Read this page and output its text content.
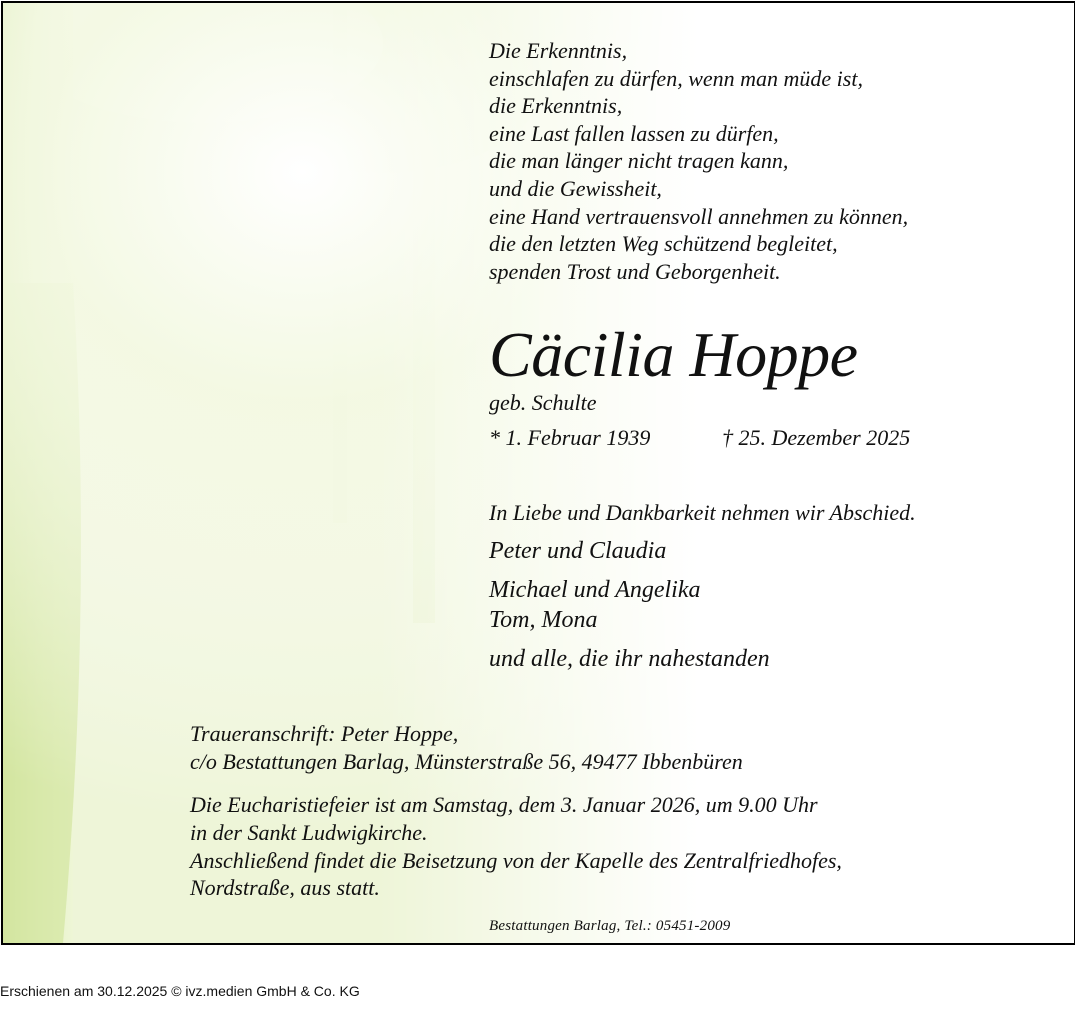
Die Erkenntnis,
einschlafen zu dürfen, wenn man müde ist,
die Erkenntnis,
eine Last fallen lassen zu dürfen,
die man länger nicht tragen kann,
und die Gewissheit,
eine Hand vertrauensvoll annehmen zu können,
die den letzten Weg schützend begleitet,
spenden Trost und Geborgenheit.
Cäcilia Hoppe
geb. Schulte
* 1. Februar 1939	† 25. Dezember 2025
In Liebe und Dankbarkeit nehmen wir Abschied.
Peter und Claudia
Michael und Angelika
Tom, Mona
und alle, die ihr nahestanden
Traueranschrift: Peter Hoppe,
c/o Bestattungen Barlag, Münsterstraße 56, 49477 Ibbenbüren
Die Eucharistiefeier ist am Samstag, dem 3. Januar 2026, um 9.00 Uhr
in der Sankt Ludwigkirche.
Anschließend findet die Beisetzung von der Kapelle des Zentralfriedhofes,
Nordstraße, aus statt.
Bestattungen Barlag, Tel.: 05451-2009
Erschienen am 30.12.2025 © ivz.medien GmbH & Co. KG
